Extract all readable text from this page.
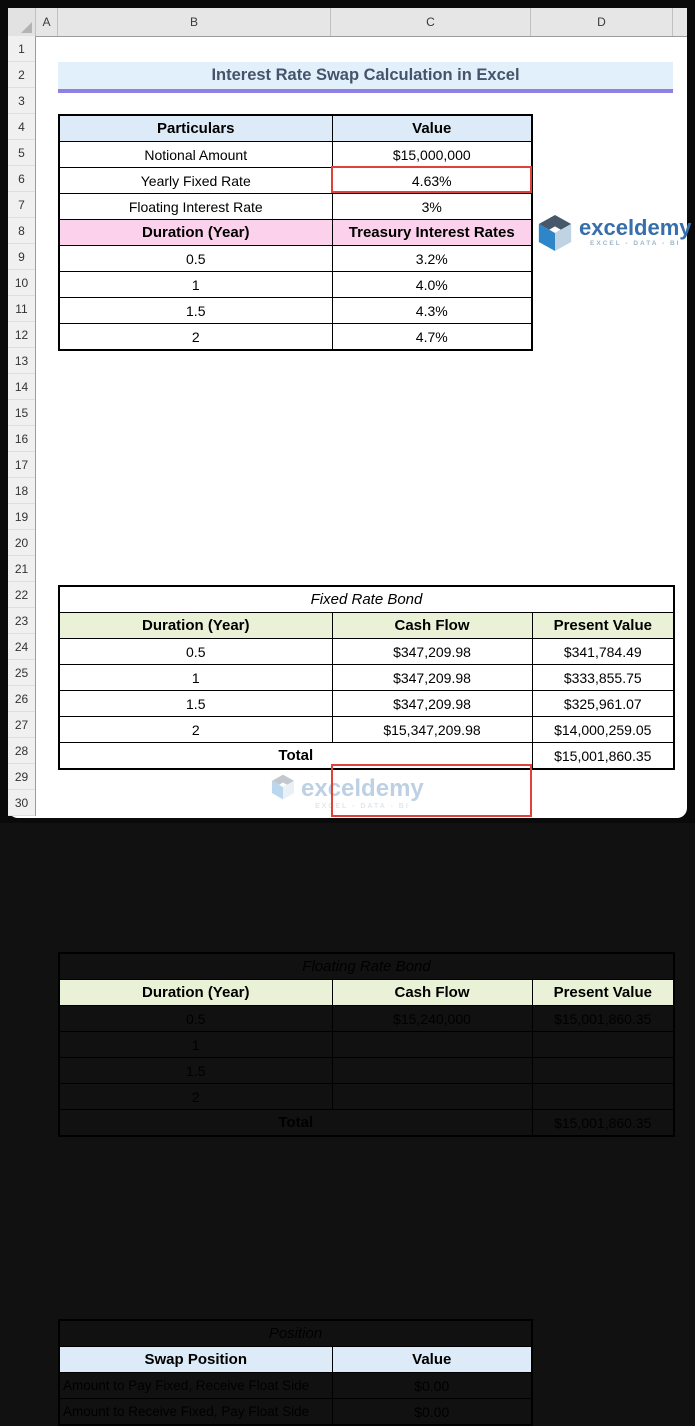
A	B	C	D
1
2
3
4
5
6
7
8
9
10
11
12
13
14
15
16
17
18
19
20
21
22
23
24
25
26
27
28
29
30
exceldemy
EXCEL - DATA - BI
Interest Rate Swap Calculation in Excel
Particulars	Value
Notional Amount	$15,000,000
Yearly Fixed Rate	4.63%
Floating Interest Rate	3%
Duration (Year)	Treasury Interest Rates
0.5	3.2%
1	4.0%
1.5	4.3%
2	4.7%
Fixed Rate Bond		
Duration (Year)	Cash Flow	Present Value
0.5	$347,209.98	$341,784.49
1	$347,209.98	$333,855.75
1.5	$347,209.98	$325,961.07
2	$15,347,209.98	$14,000,259.05
Total		$15,001,860.35
Floating Rate Bond		
Duration (Year)	Cash Flow	Present Value
0.5	$15,240,000	$15,001,860.35
1		
1.5		
2		
Total		$15,001,860.35
Position	
Swap Position	Value
Amount to Pay Fixed, Receive Float Side	$0.00
Amount to Receive Fixed, Pay Float Side	$0.00
exceldemy
EXCEL - DATA - BI
